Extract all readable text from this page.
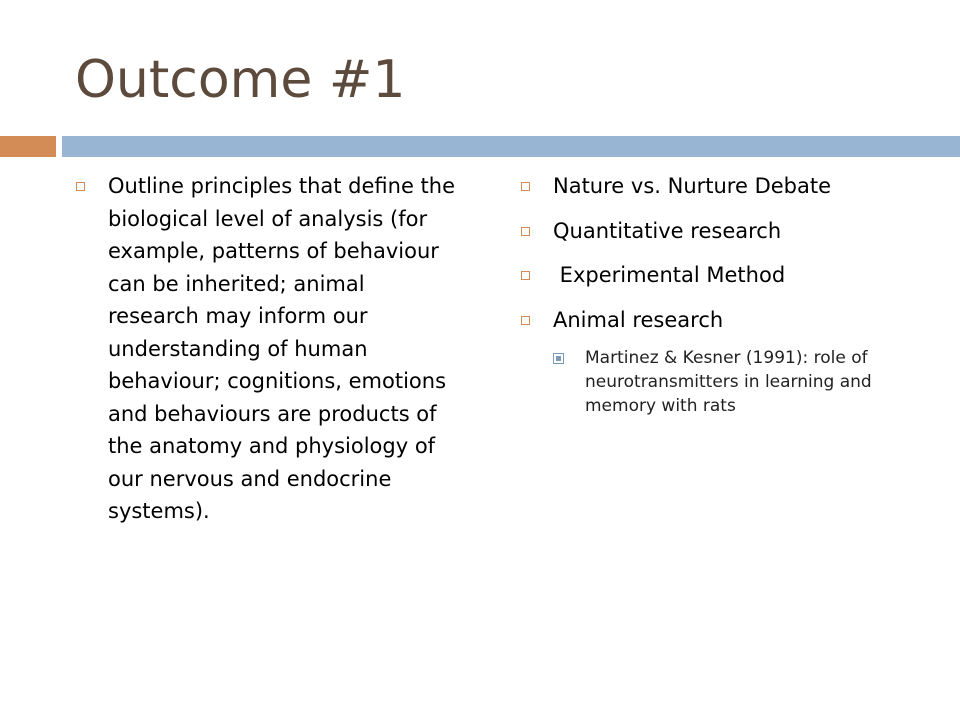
Outcome #1
Outline principles that define the biological level of analysis (for example, patterns of behaviour can be inherited; animal research may inform our understanding of human behaviour; cognitions, emotions and behaviours are products of the anatomy and physiology of our nervous and endocrine systems).
Nature vs. Nurture Debate
Quantitative research
Experimental Method
Animal research
Martinez & Kesner (1991): role of neurotransmitters in learning and memory with rats
